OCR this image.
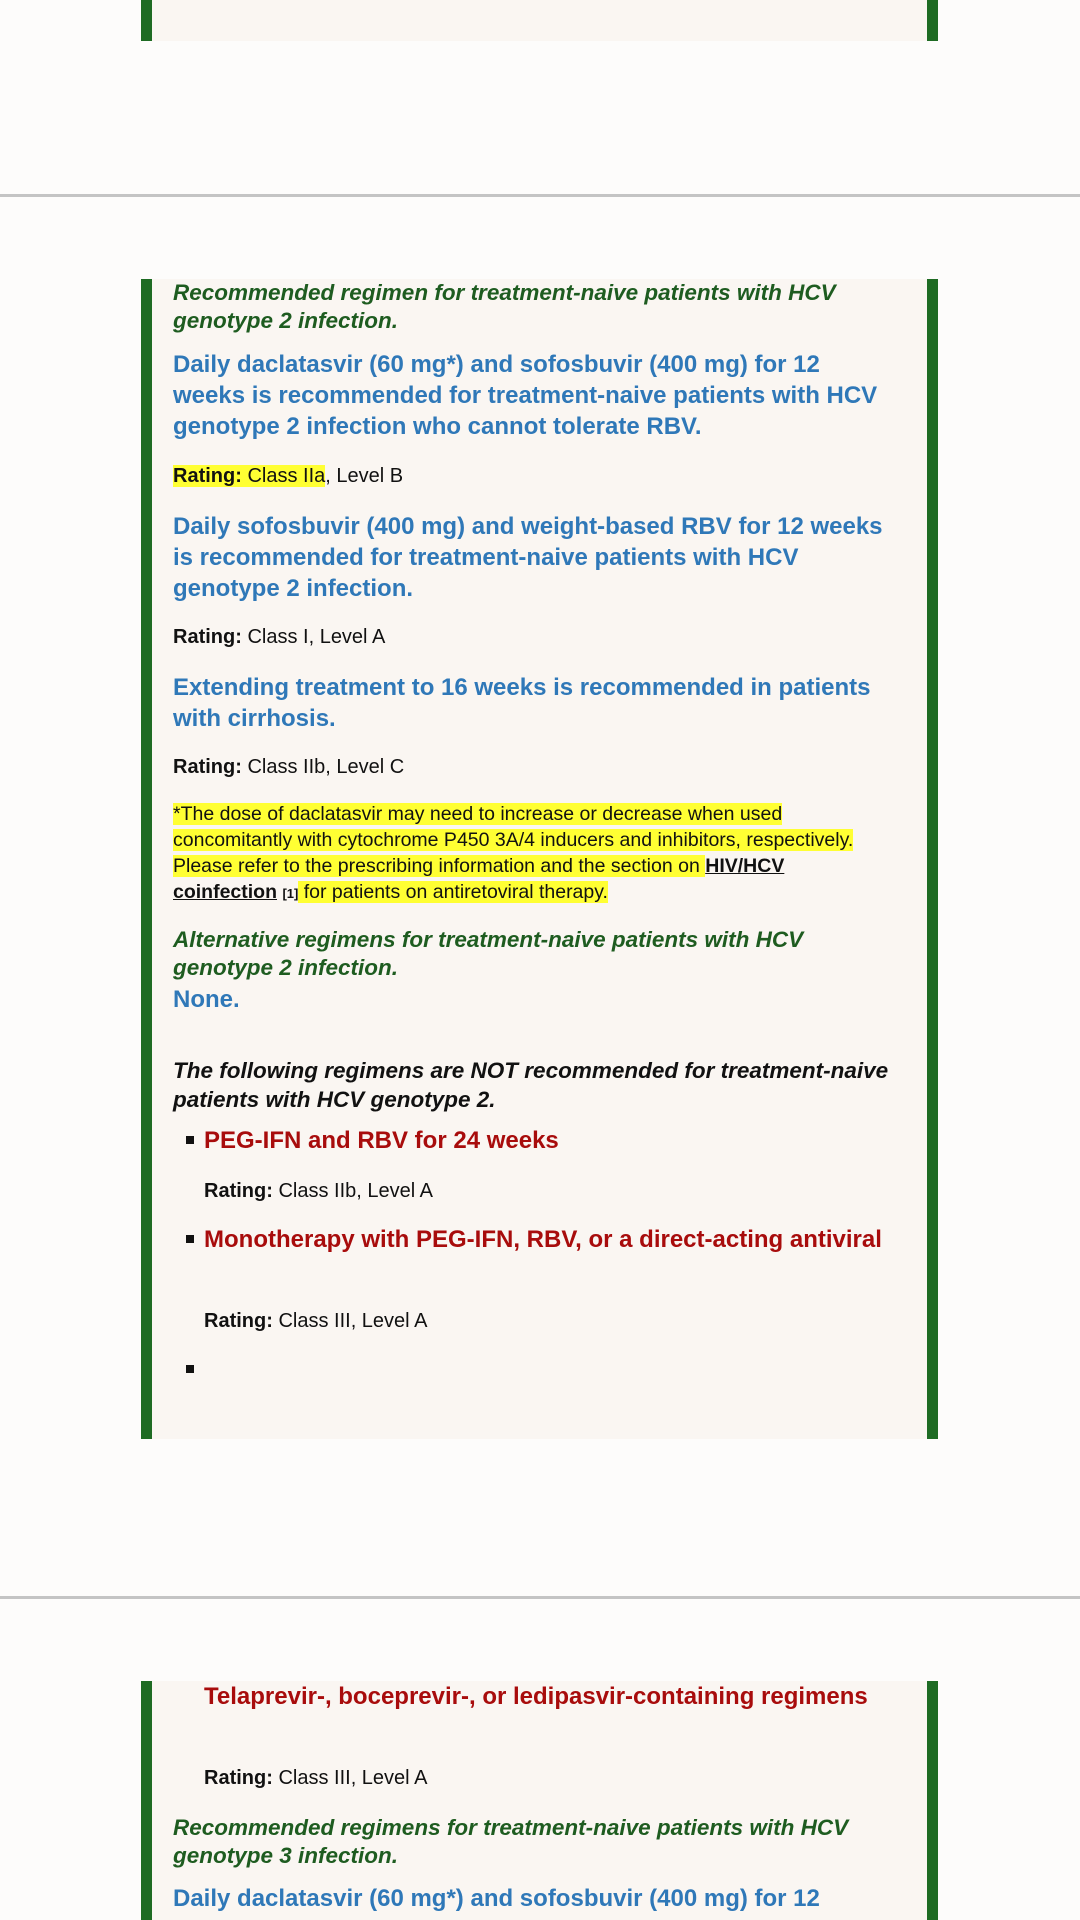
Recommended regimen for treatment-naive patients with HCV genotype 2 infection.

Daily daclatasvir (60 mg*) and sofosbuvir (400 mg) for 12 weeks is recommended for treatment-naive patients with HCV genotype 2 infection who cannot tolerate RBV.

Rating: Class IIa, Level B

Daily sofosbuvir (400 mg) and weight-based RBV for 12 weeks is recommended for treatment-naive patients with HCV genotype 2 infection.

Rating: Class I, Level A

Extending treatment to 16 weeks is recommended in patients with cirrhosis.

Rating: Class IIb, Level C

*The dose of daclatasvir may need to increase or decrease when used concomitantly with cytochrome P450 3A/4 inducers and inhibitors, respectively. Please refer to the prescribing information and the section on HIV/HCV coinfection [1] for patients on antiretoviral therapy.

Alternative regimens for treatment-naive patients with HCV genotype 2 infection.

None.

The following regimens are NOT recommended for treatment-naive patients with HCV genotype 2.

PEG-IFN and RBV for 24 weeks

Rating: Class IIb, Level A

Monotherapy with PEG-IFN, RBV, or a direct-acting antiviral

Rating: Class III, Level A

Telaprevir-, boceprevir-, or ledipasvir-containing regimens

Rating: Class III, Level A

Recommended regimens for treatment-naive patients with HCV genotype 3 infection.

Daily daclatasvir (60 mg*) and sofosbuvir (400 mg) for 12
